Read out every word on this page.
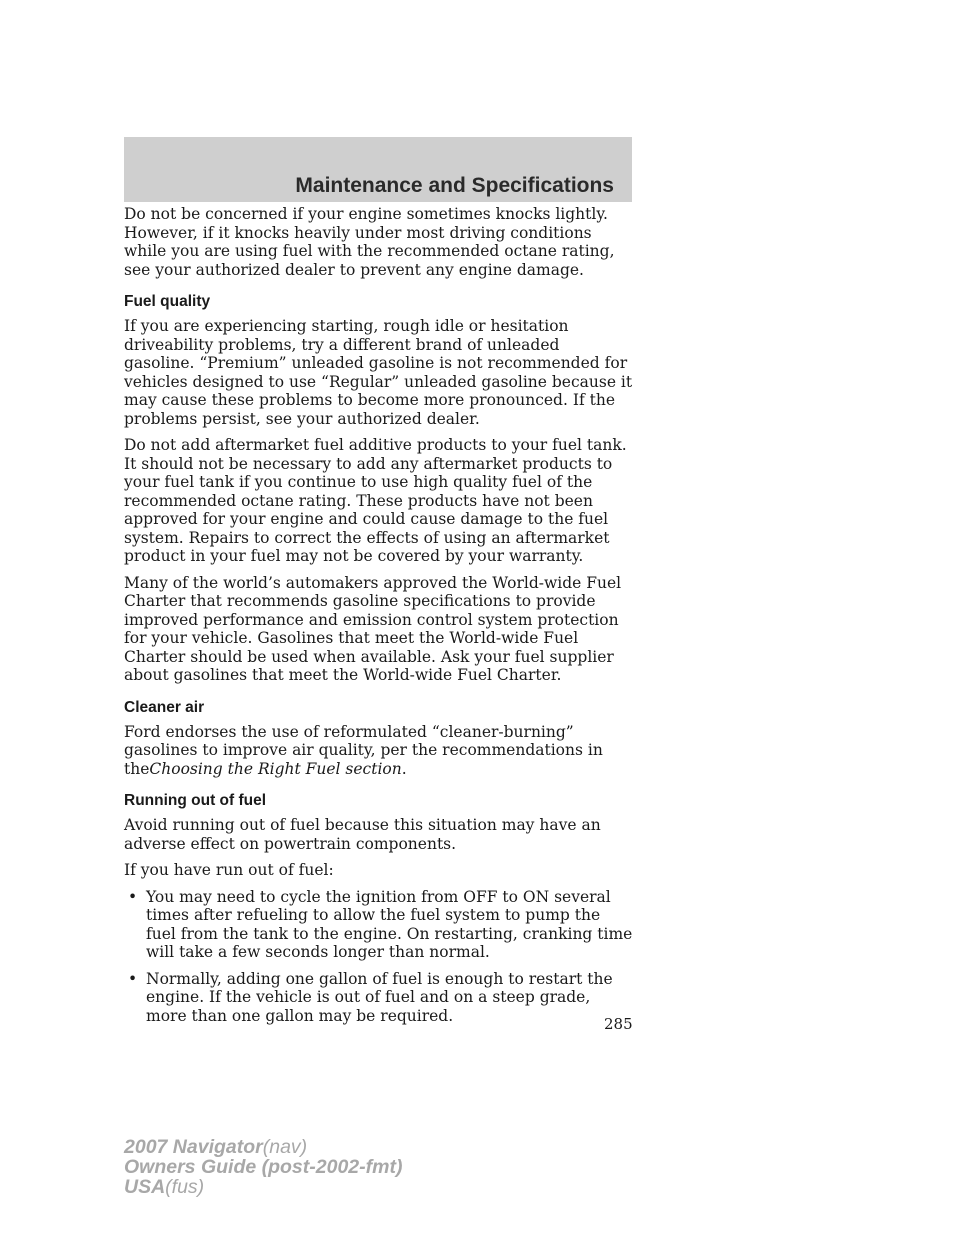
Maintenance and Specifications

Do not be concerned if your engine sometimes knocks lightly. However, if it knocks heavily under most driving conditions while you are using fuel with the recommended octane rating, see your authorized dealer to prevent any engine damage.

Fuel quality

If you are experiencing starting, rough idle or hesitation driveability problems, try a different brand of unleaded gasoline. “Premium” unleaded gasoline is not recommended for vehicles designed to use “Regular” unleaded gasoline because it may cause these problems to become more pronounced. If the problems persist, see your authorized dealer.

Do not add aftermarket fuel additive products to your fuel tank. It should not be necessary to add any aftermarket products to your fuel tank if you continue to use high quality fuel of the recommended octane rating. These products have not been approved for your engine and could cause damage to the fuel system. Repairs to correct the effects of using an aftermarket product in your fuel may not be covered by your warranty.

Many of the world’s automakers approved the World-wide Fuel Charter that recommends gasoline specifications to provide improved performance and emission control system protection for your vehicle. Gasolines that meet the World-wide Fuel Charter should be used when available. Ask your fuel supplier about gasolines that meet the World-wide Fuel Charter.

Cleaner air

Ford endorses the use of reformulated “cleaner-burning” gasolines to improve air quality, per the recommendations in theChoosing the Right Fuel section.

Running out of fuel

Avoid running out of fuel because this situation may have an adverse effect on powertrain components.

If you have run out of fuel:

• You may need to cycle the ignition from OFF to ON several times after refueling to allow the fuel system to pump the fuel from the tank to the engine. On restarting, cranking time will take a few seconds longer than normal.
• Normally, adding one gallon of fuel is enough to restart the engine. If the vehicle is out of fuel and on a steep grade, more than one gallon may be required.	285
2007 Navigator(nav)
Owners Guide (post-2002-fmt)
USA(fus)
